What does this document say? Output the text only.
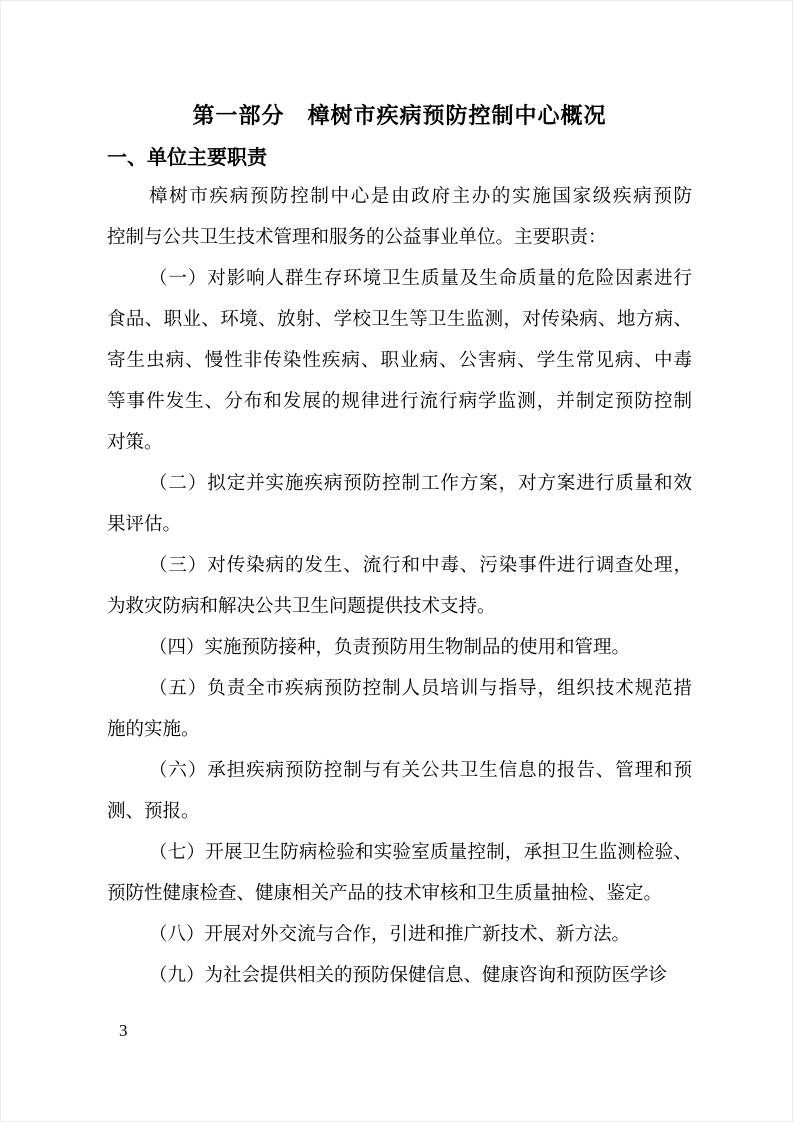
第一部分　樟树市疾病预防控制中心概况
一、单位主要职责

樟树市疾病预防控制中心是由政府主办的实施国家级疾病预防
控制与公共卫生技术管理和服务的公益事业单位。主要职责：

（一）对影响人群生存环境卫生质量及生命质量的危险因素进行
食品、职业、环境、放射、学校卫生等卫生监测，对传染病、地方病、
寄生虫病、慢性非传染性疾病、职业病、公害病、学生常见病、中毒
等事件发生、分布和发展的规律进行流行病学监测，并制定预防控制
对策。

（二）拟定并实施疾病预防控制工作方案，对方案进行质量和效
果评估。

（三）对传染病的发生、流行和中毒、污染事件进行调查处理，
为救灾防病和解决公共卫生问题提供技术支持。

（四）实施预防接种，负责预防用生物制品的使用和管理。

（五）负责全市疾病预防控制人员培训与指导，组织技术规范措
施的实施。

（六）承担疾病预防控制与有关公共卫生信息的报告、管理和预
测、预报。

（七）开展卫生防病检验和实验室质量控制，承担卫生监测检验、
预防性健康检查、健康相关产品的技术审核和卫生质量抽检、鉴定。

（八）开展对外交流与合作，引进和推广新技术、新方法。

（九）为社会提供相关的预防保健信息、健康咨询和预防医学诊

3
